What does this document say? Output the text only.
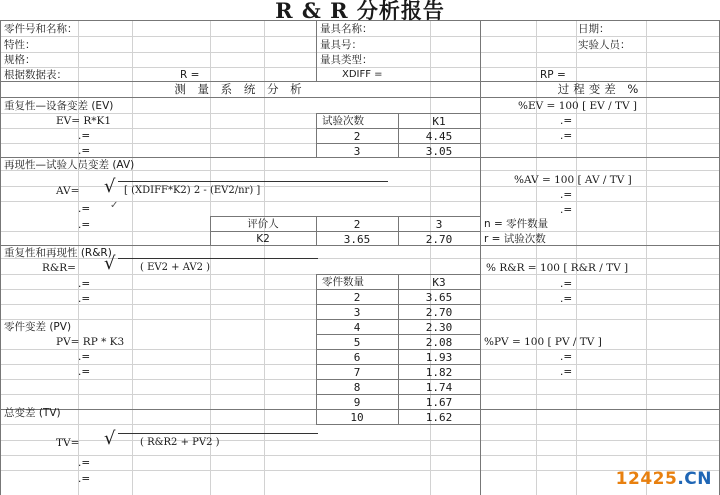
R & R 分析报告
零件号和名称：	量具名称：	日期：
特性：	量具号：	实验人员：
规格：	量具类型：
根据数据表：	R =	XDIFF =	RP =
测 量 系 统 分 析	过程变差 %
重复性—设备变差 (EV)
EV= R*K1
.=
.=
试验次数	K1
2	4.45
3	3.05
%EV = 100 [ EV / TV ]
.=
.=
再现性—试验人员变差 (AV)
AV= √ [ (XDIFF*K2) 2 - (EV2/nr) ]
✓
.=
.=	评价人	2	3
K2	3.65	2.70
%AV = 100 [ AV / TV ]
.=
.=
n = 零件数量
r = 试验次数
重复性和再现性 (R&R)
R&R= √ ( EV2 + AV2 )
.=
.=
零件数量	K3
% R&R = 100 [ R&R / TV ]
.=
.=
2	3.65
3	2.70
4	2.30
5	2.08
6	1.93
7	1.82
8	1.74
9	1.67
10	1.62
零件变差 (PV)
PV= RP * K3
.=
.=
%PV = 100 [ PV / TV ]
.=
.=
总变差 (TV)
TV= √ ( R&R2 + PV2 )
.=
.=	12425.CN
